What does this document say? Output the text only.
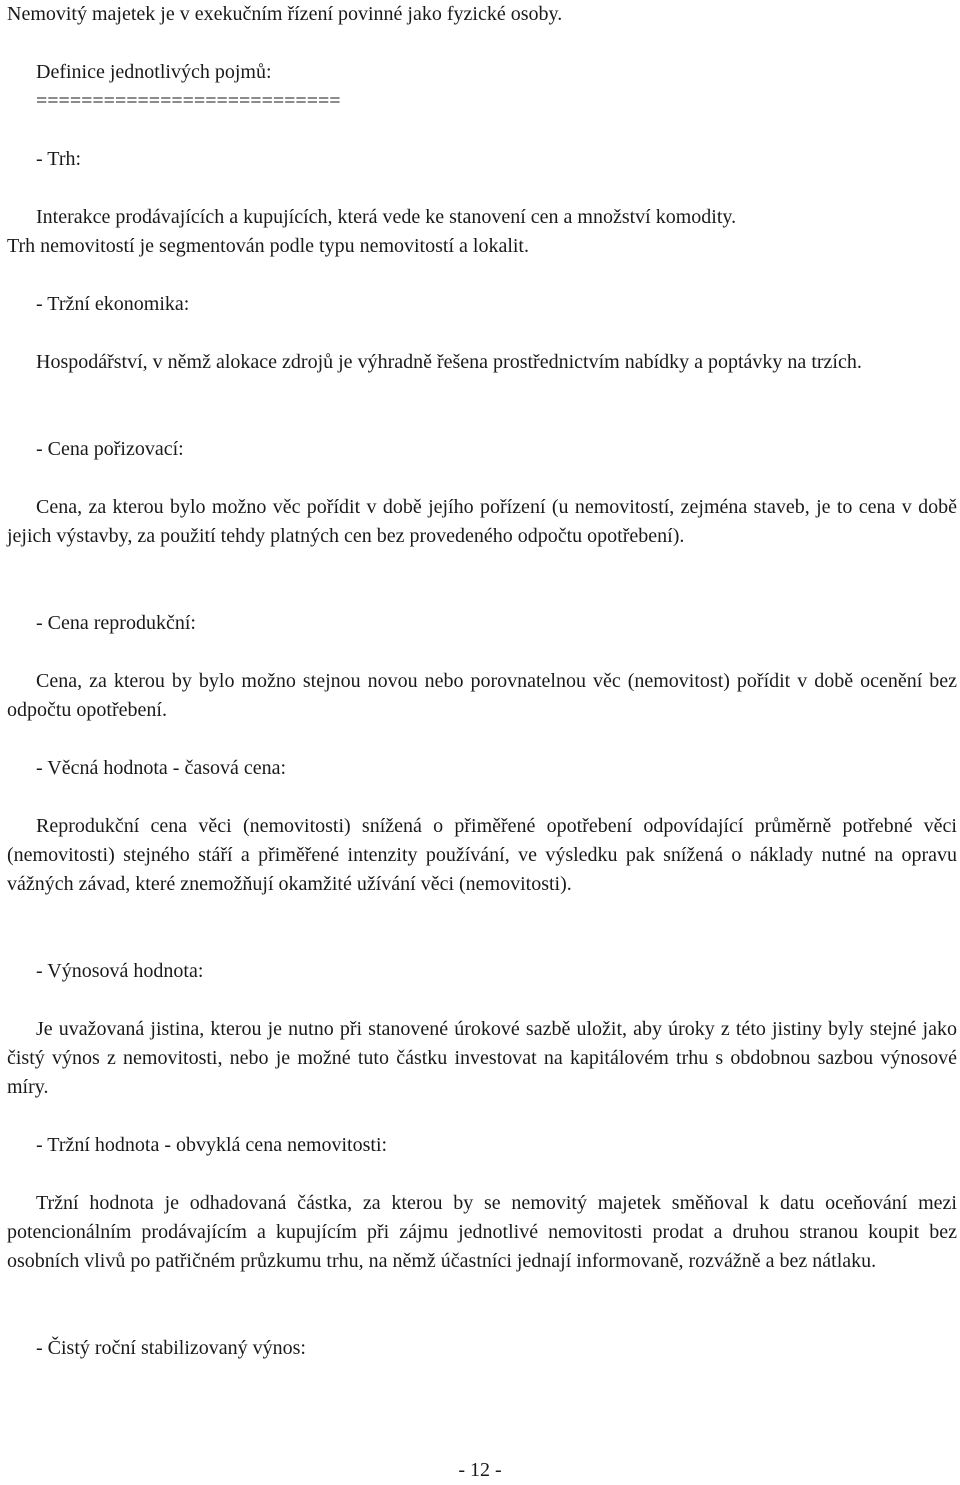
Nemovitý majetek je v exekučním řízení povinné jako fyzické osoby.
Definice jednotlivých pojmů:
===========================
- Trh:
Interakce prodávajících a kupujících, která vede ke stanovení cen a množství komodity.
Trh nemovitostí je segmentován podle typu nemovitostí a lokalit.
- Tržní ekonomika:
Hospodářství, v němž alokace zdrojů je výhradně řešena prostřednictvím nabídky a poptávky na trzích.
- Cena pořizovací:
Cena, za kterou bylo možno věc pořídit v době jejího pořízení (u nemovitostí, zejména staveb, je to cena v době jejich výstavby, za použití tehdy platných cen bez provedeného odpočtu opotřebení).
- Cena reprodukční:
Cena, za kterou by bylo možno stejnou novou nebo porovnatelnou věc (nemovitost) pořídit v době ocenění bez odpočtu opotřebení.
- Věcná hodnota - časová cena:
Reprodukční cena věci (nemovitosti) snížená o přiměřené opotřebení odpovídající průměrně potřebné věci (nemovitosti) stejného stáří a přiměřené intenzity používání, ve výsledku pak snížená o náklady nutné na opravu vážných závad, které znemožňují okamžité užívání věci (nemovitosti).
- Výnosová hodnota:
Je uvažovaná jistina, kterou je nutno při stanovené úrokové sazbě uložit, aby úroky z této jistiny byly stejné jako čistý výnos z nemovitosti, nebo je možné tuto částku investovat na kapitálovém trhu s obdobnou sazbou výnosové míry.
- Tržní hodnota - obvyklá cena nemovitosti:
Tržní hodnota je odhadovaná částka, za kterou by se nemovitý majetek směňoval k datu oceňování mezi potencionálním prodávajícím a kupujícím při zájmu jednotlivé nemovitosti prodat a druhou stranou koupit bez osobních vlivů po patřičném průzkumu trhu, na němž účastníci jednají informovaně, rozvážně a bez nátlaku.
- Čistý roční stabilizovaný výnos:
- 12 -
